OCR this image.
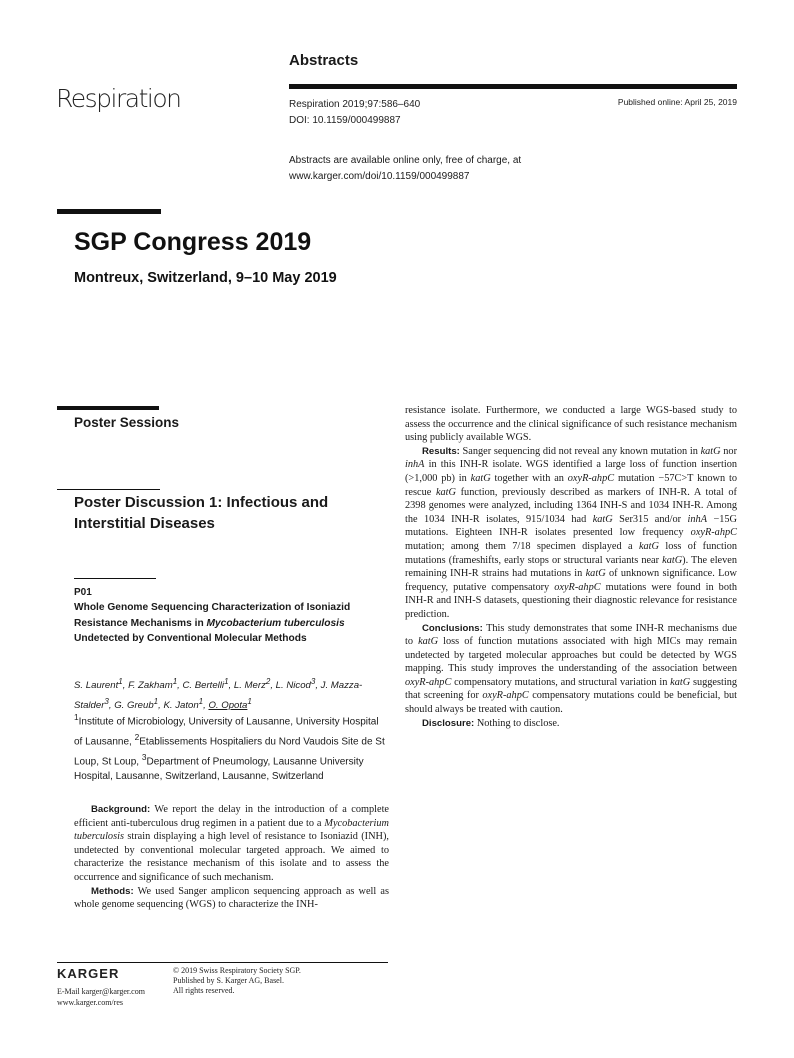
Respiration
Abstracts
Respiration 2019;97:586–640
DOI: 10.1159/000499887
Published online: April 25, 2019
Abstracts are available online only, free of charge, at
www.karger.com/doi/10.1159/000499887
SGP Congress 2019
Montreux, Switzerland, 9–10 May 2019
Poster Sessions
Poster Discussion 1: Infectious and Interstitial Diseases
P01
Whole Genome Sequencing Characterization of Isoniazid Resistance Mechanisms in Mycobacterium tuberculosis Undetected by Conventional Molecular Methods
S. Laurent$^1$, F. Zakham$^1$, C. Bertelli$^1$, L. Merz$^2$, L. Nicod$^3$, J. Mazza-Stalder$^3$, G. Greub$^1$, K. Jaton$^1$, O. Opota$^1$
$^1$Institute of Microbiology, University of Lausanne, University Hospital of Lausanne, $^2$Etablissements Hospitaliers du Nord Vaudois Site de St Loup, St Loup, $^3$Department of Pneumology, Lausanne University Hospital, Lausanne, Switzerland, Lausanne, Switzerland

Background: We report the delay in the introduction of a complete efficient anti-tuberculous drug regimen in a patient due to a Mycobacterium tuberculosis strain displaying a high level of resistance to Isoniazid (INH), undetected by conventional molecular targeted approach. We aimed to characterize the resistance mechanism of this isolate and to assess the occurrence and significance of such mechanism.

Methods: We used Sanger amplicon sequencing approach as well as whole genome sequencing (WGS) to characterize the INH-

resistance isolate. Furthermore, we conducted a large WGS-based study to assess the occurrence and the clinical significance of such resistance mechanism using publicly available WGS.

Results: Sanger sequencing did not reveal any known mutation in katG nor inhA in this INH-R isolate. WGS identified a large loss of function insertion (>1,000 pb) in katG together with an oxyR-ahpC mutation −57C>T known to rescue katG function, previously described as markers of INH-R. A total of 2398 genomes were analyzed, including 1364 INH-S and 1034 INH-R. Among the 1034 INH-R isolates, 915/1034 had katG Ser315 and/or inhA −15G mutations. Eighteen INH-R isolates presented low frequency oxyR-ahpC mutation; among them 7/18 specimen displayed a katG loss of function mutations (frameshifts, early stops or structural variants near katG). The eleven remaining INH-R strains had mutations in katG of unknown significance. Low frequency, putative compensatory oxyR-ahpC mutations were found in both INH-R and INH-S datasets, questioning their diagnostic relevance for resistance prediction.

Conclusions: This study demonstrates that some INH-R mechanisms due to katG loss of function mutations associated with high MICs may remain undetected by targeted molecular approaches but could be detected by WGS mapping. This study improves the understanding of the association between oxyR-ahpC compensatory mutations, and structural variation in katG suggesting that screening for oxyR-ahpC compensatory mutations could be beneficial, but should always be treated with caution.

Disclosure: Nothing to disclose.

KARGER
E-Mail karger@karger.com
www.karger.com/res
© 2019 Swiss Respiratory Society SGP.
Published by S. Karger AG, Basel.
All rights reserved.
